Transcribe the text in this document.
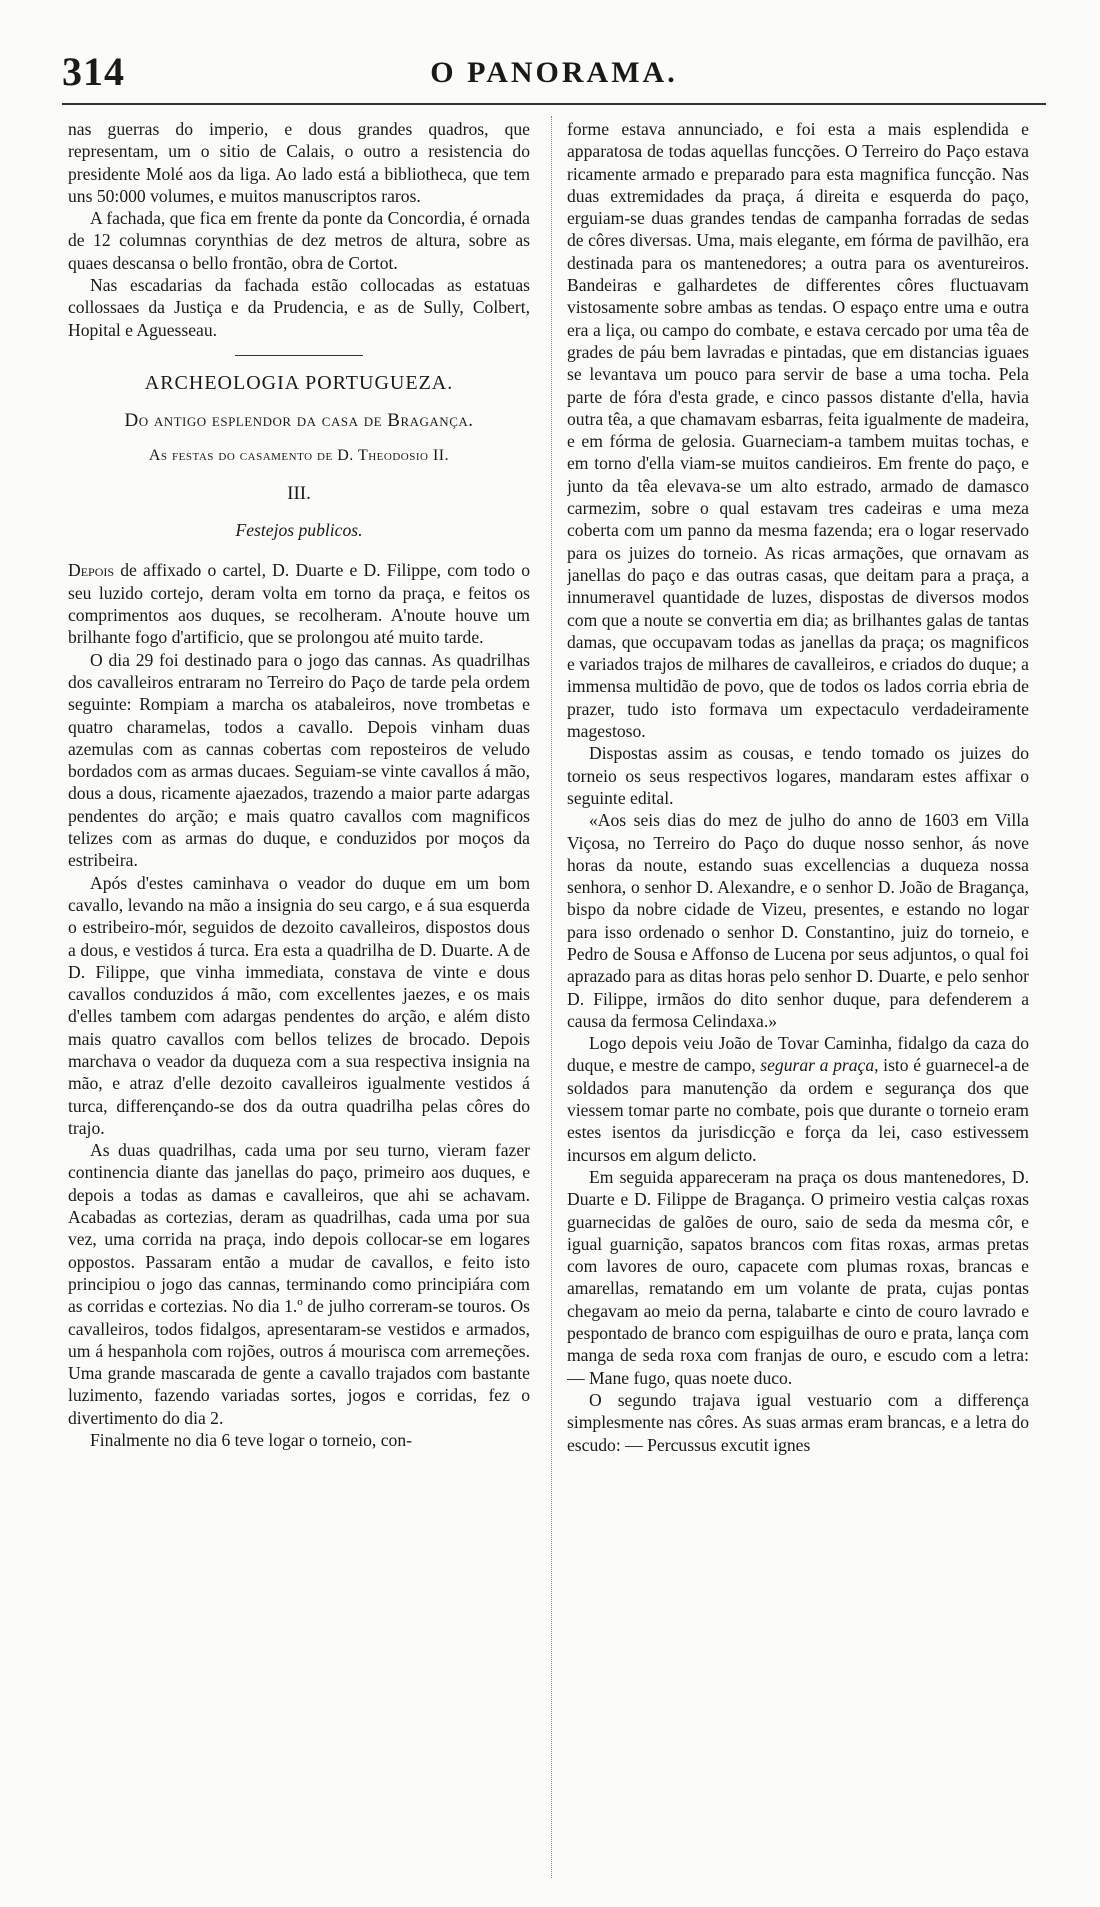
314	O PANORAMA.

nas guerras do imperio, e dous grandes quadros, que representam, um o sitio de Calais, o outro a resistencia do presidente Molé aos da liga. Ao lado está a bibliotheca, que tem uns 50:000 volumes, e muitos manuscriptos raros.

A fachada, que fica em frente da ponte da Concordia, é ornada de 12 columnas corynthias de dez metros de altura, sobre as quaes descansa o bello frontão, obra de Cortot.

Nas escadarias da fachada estão collocadas as estatuas collossaes da Justiça e da Prudencia, e as de Sully, Colbert, Hopital e Aguesseau.

ARCHEOLOGIA PORTUGUEZA.
Do antigo esplendor da casa de Bragança.
As festas do casamento de D. Theodosio II.
III.
Festejos publicos.

Depois de affixado o cartel, D. Duarte e D. Filippe, com todo o seu luzido cortejo, deram volta em torno da praça, e feitos os comprimentos aos duques, se recolheram. A'noute houve um brilhante fogo d'artificio, que se prolongou até muito tarde.

O dia 29 foi destinado para o jogo das cannas. As quadrilhas dos cavalleiros entraram no Terreiro do Paço de tarde pela ordem seguinte: Rompiam a marcha os atabaleiros, nove trombetas e quatro charamelas, todos a cavallo. Depois vinham duas azemulas com as cannas cobertas com reposteiros de veludo bordados com as armas ducaes. Seguiam-se vinte cavallos á mão, dous a dous, ricamente ajaezados, trazendo a maior parte adargas pendentes do arção; e mais quatro cavallos com magnificos telizes com as armas do duque, e conduzidos por moços da estribeira.

Após d'estes caminhava o veador do duque em um bom cavallo, levando na mão a insignia do seu cargo, e á sua esquerda o estribeiro-mór, seguidos de dezoito cavalleiros, dispostos dous a dous, e vestidos á turca. Era esta a quadrilha de D. Duarte. A de D. Filippe, que vinha immediata, constava de vinte e dous cavallos conduzidos á mão, com excellentes jaezes, e os mais d'elles tambem com adargas pendentes do arção, e além disto mais quatro cavallos com bellos telizes de brocado. Depois marchava o veador da duqueza com a sua respectiva insignia na mão, e atraz d'elle dezoito cavalleiros igualmente vestidos á turca, differençando-se dos da outra quadrilha pelas côres do trajo.

As duas quadrilhas, cada uma por seu turno, vieram fazer continencia diante das janellas do paço, primeiro aos duques, e depois a todas as damas e cavalleiros, que ahi se achavam. Acabadas as cortezias, deram as quadrilhas, cada uma por sua vez, uma corrida na praça, indo depois collocar-se em logares oppostos. Passaram então a mudar de cavallos, e feito isto principiou o jogo das cannas, terminando como principiára com as corridas e cortezias. No dia 1.º de julho correram-se touros. Os cavalleiros, todos fidalgos, apresentaram-se vestidos e armados, um á hespanhola com rojões, outros á mourisca com arremeções. Uma grande mascarada de gente a cavallo trajados com bastante luzimento, fazendo variadas sortes, jogos e corridas, fez o divertimento do dia 2.

Finalmente no dia 6 teve logar o torneio, con-

forme estava annunciado, e foi esta a mais esplendida e apparatosa de todas aquellas funcções. O Terreiro do Paço estava ricamente armado e preparado para esta magnifica funcção. Nas duas extremidades da praça, á direita e esquerda do paço, erguiam-se duas grandes tendas de campanha forradas de sedas de côres diversas. Uma, mais elegante, em fórma de pavilhão, era destinada para os mantenedores; a outra para os aventureiros. Bandeiras e galhardetes de differentes côres fluctuavam vistosamente sobre ambas as tendas. O espaço entre uma e outra era a liça, ou campo do combate, e estava cercado por uma têa de grades de páu bem lavradas e pintadas, que em distancias iguaes se levantava um pouco para servir de base a uma tocha. Pela parte de fóra d'esta grade, e cinco passos distante d'ella, havia outra têa, a que chamavam esbarras, feita igualmente de madeira, e em fórma de gelosia. Guarneciam-a tambem muitas tochas, e em torno d'ella viam-se muitos candieiros. Em frente do paço, e junto da têa elevava-se um alto estrado, armado de damasco carmezim, sobre o qual estavam tres cadeiras e uma meza coberta com um panno da mesma fazenda; era o logar reservado para os juizes do torneio. As ricas armações, que ornavam as janellas do paço e das outras casas, que deitam para a praça, a innumeravel quantidade de luzes, dispostas de diversos modos com que a noute se convertia em dia; as brilhantes galas de tantas damas, que occupavam todas as janellas da praça; os magnificos e variados trajos de milhares de cavalleiros, e criados do duque; a immensa multidão de povo, que de todos os lados corria ebria de prazer, tudo isto formava um expectaculo verdadeiramente magestoso.

Dispostas assim as cousas, e tendo tomado os juizes do torneio os seus respectivos logares, mandaram estes affixar o seguinte edital.

«Aos seis dias do mez de julho do anno de 1603 em Villa Viçosa, no Terreiro do Paço do duque nosso senhor, ás nove horas da noute, estando suas excellencias a duqueza nossa senhora, o senhor D. Alexandre, e o senhor D. João de Bragança, bispo da nobre cidade de Vizeu, presentes, e estando no logar para isso ordenado o senhor D. Constantino, juiz do torneio, e Pedro de Sousa e Affonso de Lucena por seus adjuntos, o qual foi aprazado para as ditas horas pelo senhor D. Duarte, e pelo senhor D. Filippe, irmãos do dito senhor duque, para defenderem a causa da fermosa Celindaxa.»

Logo depois veiu João de Tovar Caminha, fidalgo da caza do duque, e mestre de campo, segurar a praça, isto é guarnecel-a de soldados para manutenção da ordem e segurança dos que viessem tomar parte no combate, pois que durante o torneio eram estes isentos da jurisdicção e força da lei, caso estivessem incursos em algum delicto.

Em seguida appareceram na praça os dous mantenedores, D. Duarte e D. Filippe de Bragança. O primeiro vestia calças roxas guarnecidas de galões de ouro, saio de seda da mesma côr, e igual guarnição, sapatos brancos com fitas roxas, armas pretas com lavores de ouro, capacete com plumas roxas, brancas e amarellas, rematando em um volante de prata, cujas pontas chegavam ao meio da perna, talabarte e cinto de couro lavrado e pespontado de branco com espiguilhas de ouro e prata, lança com manga de seda roxa com franjas de ouro, e escudo com a letra: — Mane fugo, quas noete duco.

O segundo trajava igual vestuario com a differença simplesmente nas côres. As suas armas eram brancas, e a letra do escudo: — Percussus excutit ignes
